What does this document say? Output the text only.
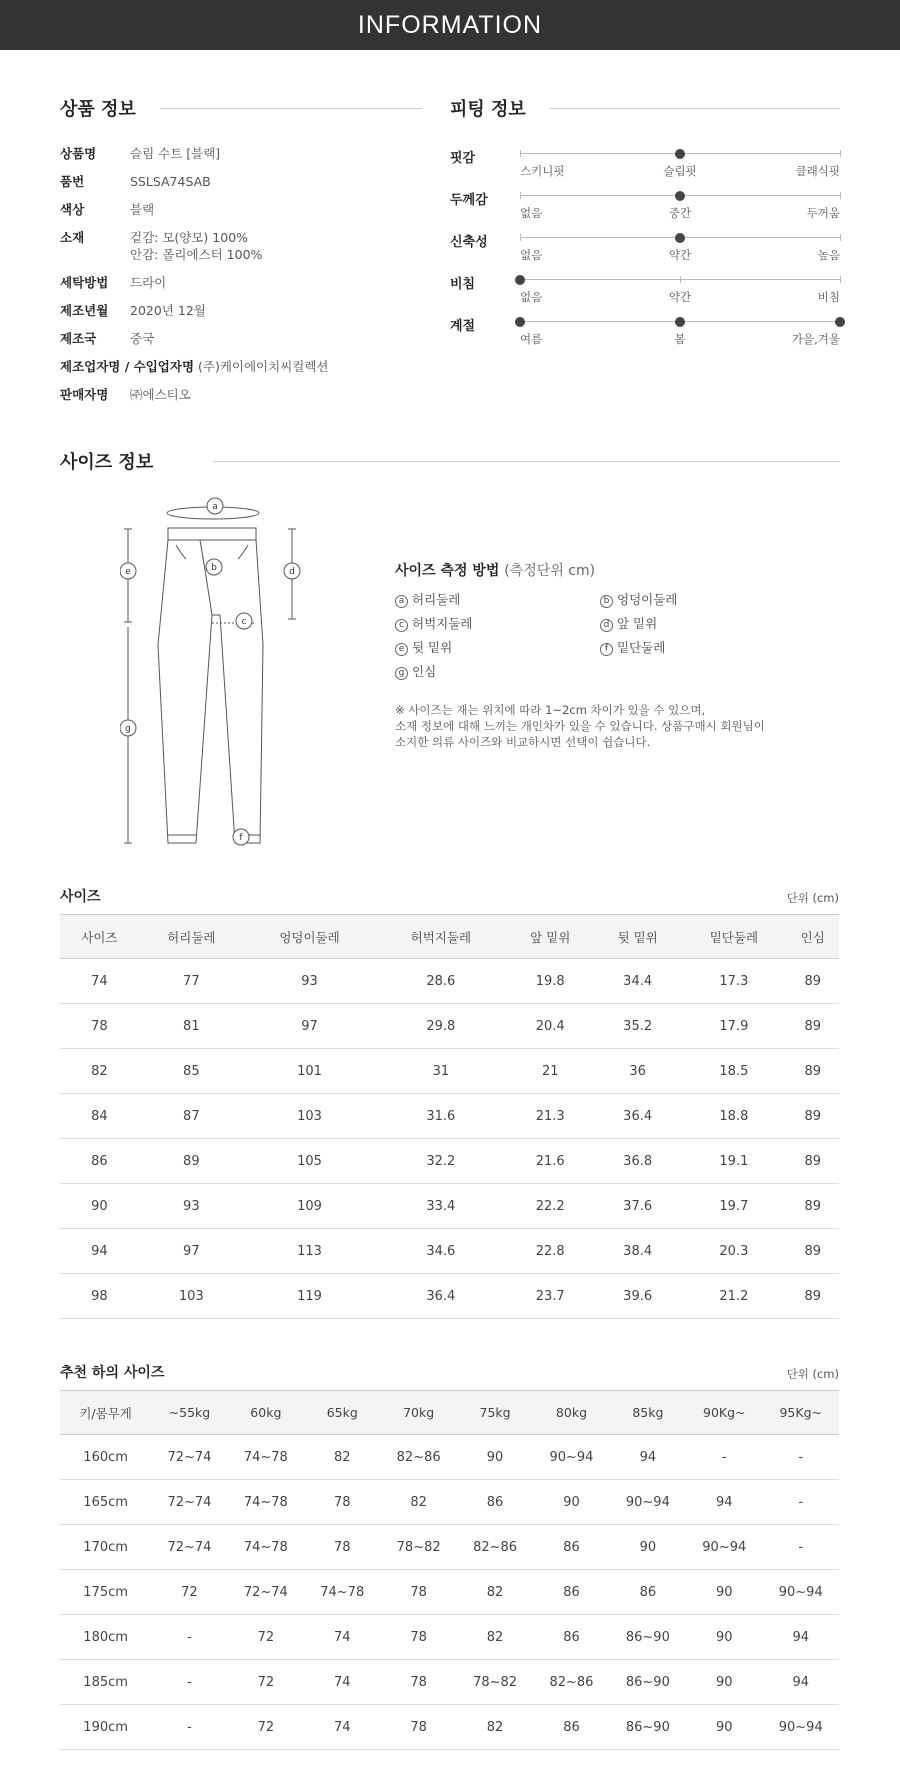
INFORMATION
상품 정보
상품명	슬림 수트 [블랙]
품번	SSLSA74SAB
색상	블랙
소재	겉감: 모(양모) 100%
안감: 폴리에스터 100%
세탁방법	드라이
제조년월	2020년 12월
제조국	중국
제조업자명 / 수입업자명 (주)케이에이치씨컬렉션
판매자명	㈜에스티오
피팅 정보
핏감
스키니핏	슬림핏	클래식핏
두께감
없음	중간	두꺼움
신축성
없음	약간	높음
비침
없음	약간	비침
계절
여름	봄	가을,겨울
사이즈 정보
a
b
c
d
e
f
g
사이즈 측정 방법 (측정단위 cm)
a 허리둘레	b 엉덩이둘레
c 허벅지둘레	d 앞 밑위
e 뒷 밑위	f 밑단둘레
g 인심
※ 사이즈는 재는 위치에 따라 1~2cm 차이가 있을 수 있으며,
소재 정보에 대해 느끼는 개인차가 있을 수 있습니다. 상품구매시 회원님이
소지한 의류 사이즈와 비교하시면 선택이 쉽습니다.
사이즈	단위 (cm)
사이즈	허리둘레	엉덩이둘레	허벅지둘레	앞 밑위	뒷 밑위	밑단둘레	인심
74	77	93	28.6	19.8	34.4	17.3	89
78	81	97	29.8	20.4	35.2	17.9	89
82	85	101	31	21	36	18.5	89
84	87	103	31.6	21.3	36.4	18.8	89
86	89	105	32.2	21.6	36.8	19.1	89
90	93	109	33.4	22.2	37.6	19.7	89
94	97	113	34.6	22.8	38.4	20.3	89
98	103	119	36.4	23.7	39.6	21.2	89
추천 하의 사이즈	단위 (cm)
키/몸무게	~55kg	60kg	65kg	70kg	75kg	80kg	85kg	90Kg~	95Kg~
160cm	72~74	74~78	82	82~86	90	90~94	94	-	-
165cm	72~74	74~78	78	82	86	90	90~94	94	-
170cm	72~74	74~78	78	78~82	82~86	86	90	90~94	-
175cm	72	72~74	74~78	78	82	86	86	90	90~94
180cm	-	72	74	78	82	86	86~90	90	94
185cm	-	72	74	78	78~82	82~86	86~90	90	94
190cm	-	72	74	78	82	86	86~90	90	90~94
